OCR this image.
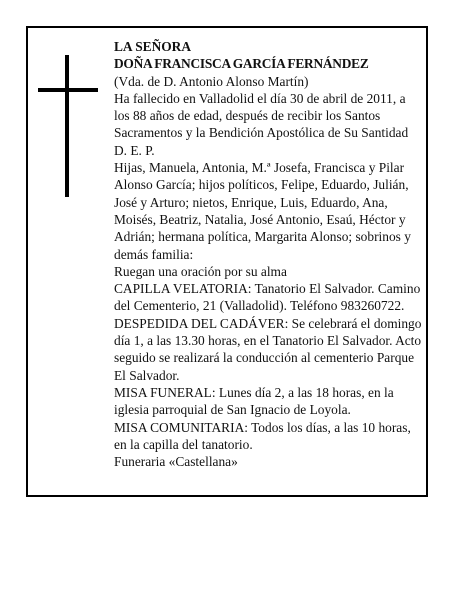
LA SEÑORA

DOÑA FRANCISCA GARCÍA FERNÁNDEZ

(Vda. de D. Antonio Alonso Martín)

Ha fallecido en Valladolid el día 30 de abril de 2011, a los 88 años de edad, después de recibir los Santos Sacramentos y la Bendición Apostólica de Su Santidad

D. E. P.

Hijas, Manuela, Antonia, M.ª Josefa, Francisca y Pilar Alonso García; hijos políticos, Felipe, Eduardo, Julián, José y Arturo; nietos, Enrique, Luis, Eduardo, Ana, Moisés, Beatriz, Natalia, José Antonio, Esaú, Héctor y Adrián; hermana política, Margarita Alonso; sobrinos y demás familia:

Ruegan una oración por su alma

CAPILLA VELATORIA: Tanatorio El Salvador. Camino del Cementerio, 21 (Valladolid). Teléfono 983260722.

DESPEDIDA DEL CADÁVER: Se celebrará el domingo día 1, a las 13.30 horas, en el Tanatorio El Salvador. Acto seguido se realizará la conducción al cementerio Parque El Salvador.

MISA FUNERAL: Lunes día 2, a las 18 horas, en la iglesia parroquial de San Ignacio de Loyola.

MISA COMUNITARIA: Todos los días, a las 10 horas, en la capilla del tanatorio.

Funeraria «Castellana»
